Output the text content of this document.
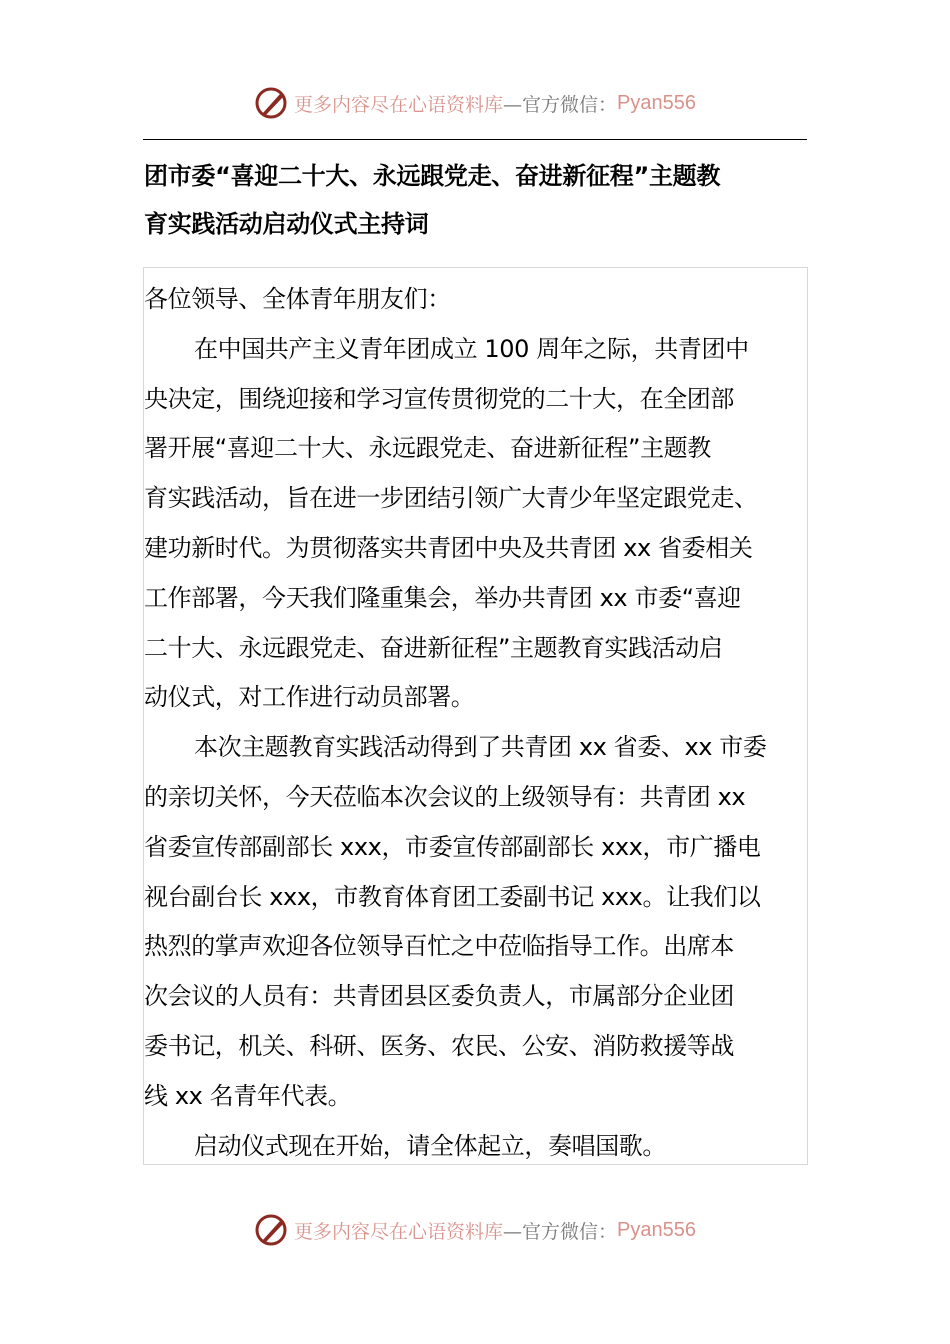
更多内容尽在心语资料库 —官方微信： Pyan556
团市委“喜迎二十大、永远跟党走、奋进新征程”主题教
育实践活动启动仪式主持词
各位领导、全体青年朋友们：
在中国共产主义青年团成立 100 周年之际，共青团中
央决定，围绕迎接和学习宣传贯彻党的二十大，在全团部
署开展“喜迎二十大、永远跟党走、奋进新征程”主题教
育实践活动，旨在进一步团结引领广大青少年坚定跟党走、
建功新时代。为贯彻落实共青团中央及共青团 xx 省委相关
工作部署，今天我们隆重集会，举办共青团 xx 市委“喜迎
二十大、永远跟党走、奋进新征程”主题教育实践活动启
动仪式，对工作进行动员部署。
本次主题教育实践活动得到了共青团 xx 省委、xx 市委
的亲切关怀，今天莅临本次会议的上级领导有：共青团 xx
省委宣传部副部长 xxx，市委宣传部副部长 xxx，市广播电
视台副台长 xxx，市教育体育团工委副书记 xxx。让我们以
热烈的掌声欢迎各位领导百忙之中莅临指导工作。出席本
次会议的人员有：共青团县区委负责人，市属部分企业团
委书记，机关、科研、医务、农民、公安、消防救援等战
线 xx 名青年代表。
启动仪式现在开始，请全体起立，奏唱国歌。
更多内容尽在心语资料库 —官方微信： Pyan556
